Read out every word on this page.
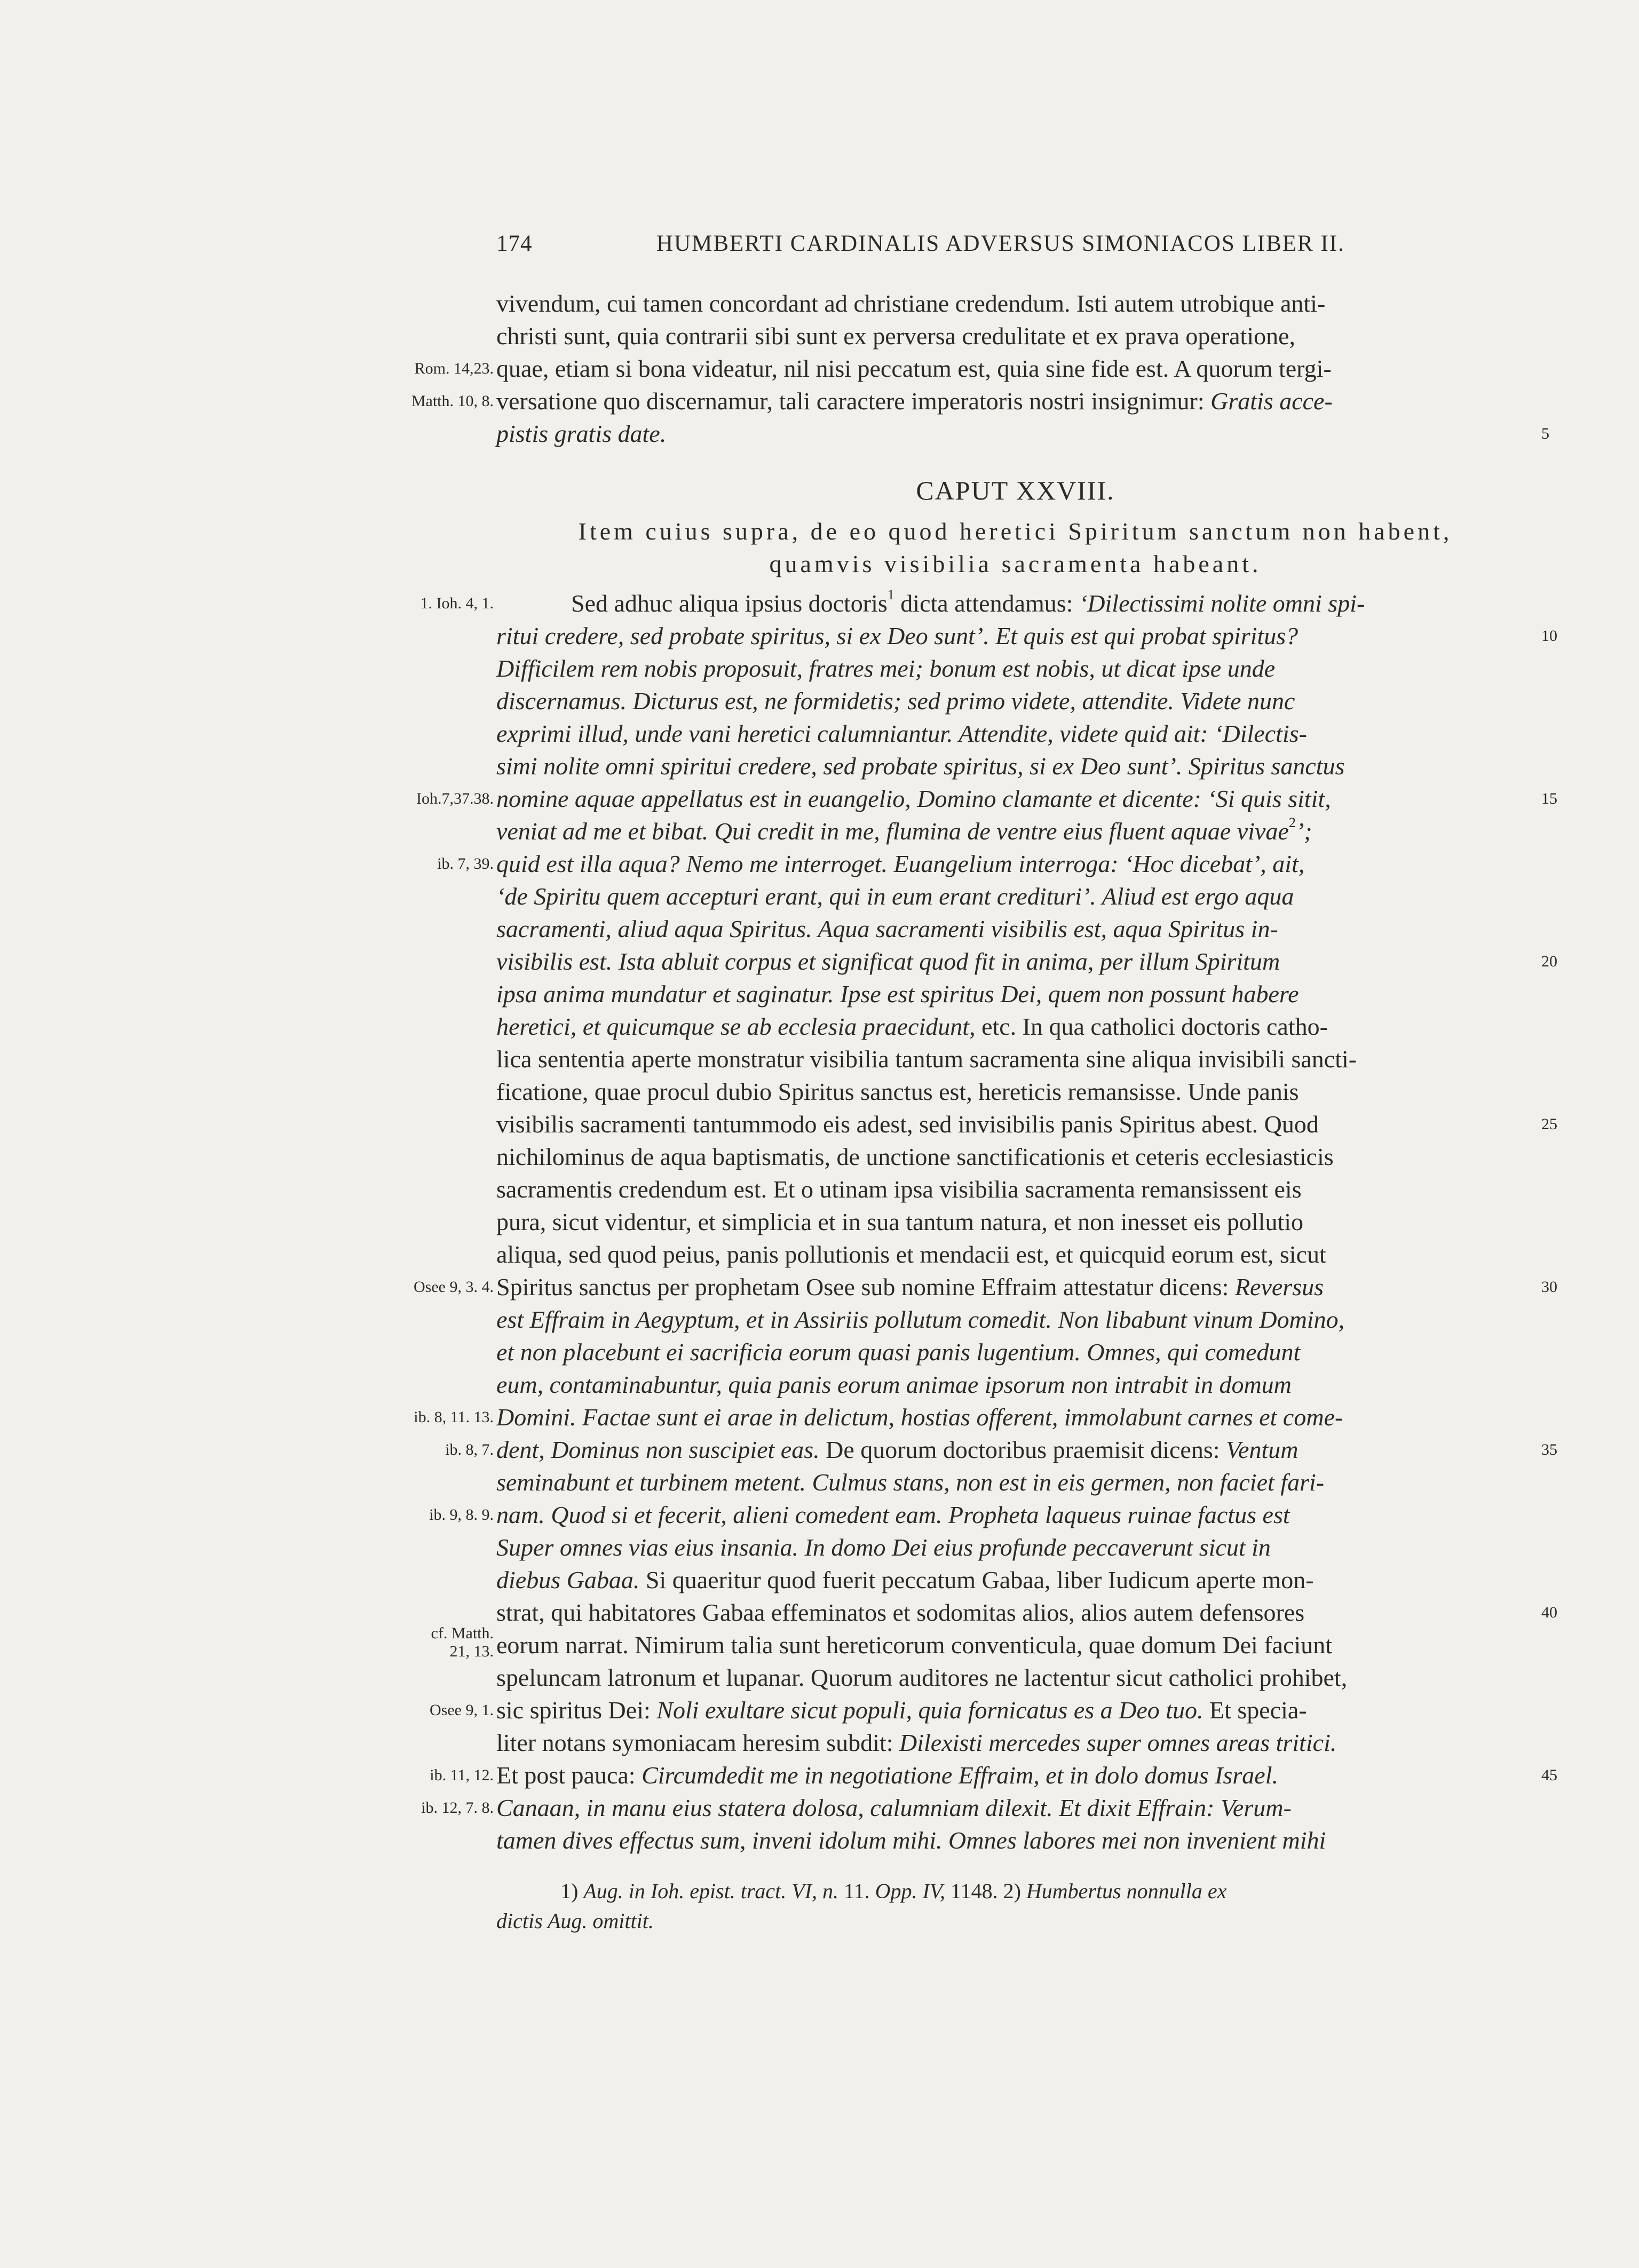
174	HUMBERTI CARDINALIS ADVERSUS SIMONIACOS LIBER II.
CAPUT XXVIII.
Item cuius supra, de eo quod heretici Spiritum sanctum non habent,
quamvis visibilia sacramenta habeant.
vivendum, cui tamen concordant ad christiane credendum. Isti autem utrobique anti-
christi sunt, quia contrarii sibi sunt ex perversa credulitate et ex prava operatione,
quae, etiam si bona videatur, nil nisi peccatum est, quia sine fide est. A quorum tergi-
Rom. 14,23.
versatione quo discernamur, tali caractere imperatoris nostri insignimur: Gratis acce-
Matth. 10, 8.
pistis gratis date.	5
Sed adhuc aliqua ipsius doctoris$^1$ dicta attendamus: ‘Dilectissimi nolite omni spi-
1. Ioh. 4, 1.
ritui credere, sed probate spiritus, si ex Deo sunt’. Et quis est qui probat spiritus?	10
Difficilem rem nobis proposuit, fratres mei; bonum est nobis, ut dicat ipse unde
discernamus. Dicturus est, ne formidetis; sed primo videte, attendite. Videte nunc
exprimi illud, unde vani heretici calumniantur. Attendite, videte quid ait: ‘Dilectis-
simi nolite omni spiritui credere, sed probate spiritus, si ex Deo sunt’. Spiritus sanctus
nomine aquae appellatus est in euangelio, Domino clamante et dicente: ‘Si quis sitit,
Ioh.7,37.38.	15
veniat ad me et bibat. Qui credit in me, flumina de ventre eius fluent aquae vivae$^2$’;
quid est illa aqua? Nemo me interroget. Euangelium interroga: ‘Hoc dicebat’, ait,
ib. 7, 39.
‘de Spiritu quem accepturi erant, qui in eum erant credituri’. Aliud est ergo aqua
sacramenti, aliud aqua Spiritus. Aqua sacramenti visibilis est, aqua Spiritus in-
visibilis est. Ista abluit corpus et significat quod fit in anima, per illum Spiritum	20
ipsa anima mundatur et saginatur. Ipse est spiritus Dei, quem non possunt habere
heretici, et quicumque se ab ecclesia praecidunt, etc. In qua catholici doctoris catho-
lica sententia aperte monstratur visibilia tantum sacramenta sine aliqua invisibili sancti-
ficatione, quae procul dubio Spiritus sanctus est, hereticis remansisse. Unde panis
visibilis sacramenti tantummodo eis adest, sed invisibilis panis Spiritus abest. Quod	25
nichilominus de aqua baptismatis, de unctione sanctificationis et ceteris ecclesiasticis
sacramentis credendum est. Et o utinam ipsa visibilia sacramenta remansissent eis
pura, sicut videntur, et simplicia et in sua tantum natura, et non inesset eis pollutio
aliqua, sed quod peius, panis pollutionis et mendacii est, et quicquid eorum est, sicut
Spiritus sanctus per prophetam Osee sub nomine Effraim attestatur dicens: Reversus
Osee 9, 3. 4.	30
est Effraim in Aegyptum, et in Assiriis pollutum comedit. Non libabunt vinum Domino,
et non placebunt ei sacrificia eorum quasi panis lugentium. Omnes, qui comedunt
eum, contaminabuntur, quia panis eorum animae ipsorum non intrabit in domum
Domini. Factae sunt ei arae in delictum, hostias offerent, immolabunt carnes et come-
ib. 8, 11. 13.
dent, Dominus non suscipiet eas. De quorum doctoribus praemisit dicens: Ventum
ib. 8, 7.	35
seminabunt et turbinem metent. Culmus stans, non est in eis germen, non faciet fari-
nam. Quod si et fecerit, alieni comedent eam. Propheta laqueus ruinae factus est
ib. 9, 8. 9.
Super omnes vias eius insania. In domo Dei eius profunde peccaverunt sicut in
diebus Gabaa. Si quaeritur quod fuerit peccatum Gabaa, liber Iudicum aperte mon-
strat, qui habitatores Gabaa effeminatos et sodomitas alios, alios autem defensores	40
eorum narrat. Nimirum talia sunt hereticorum conventicula, quae domum Dei faciunt
cf. Matth.
21, 13.
speluncam latronum et lupanar. Quorum auditores ne lactentur sicut catholici prohibet,
sic spiritus Dei: Noli exultare sicut populi, quia fornicatus es a Deo tuo. Et specia-
Osee 9, 1.
liter notans symoniacam heresim subdit: Dilexisti mercedes super omnes areas tritici.
Et post pauca: Circumdedit me in negotiatione Effraim, et in dolo domus Israel.
ib. 11, 12.	45
Canaan, in manu eius statera dolosa, calumniam dilexit. Et dixit Effrain: Verum-
ib. 12, 7. 8.
tamen dives effectus sum, inveni idolum mihi. Omnes labores mei non invenient mihi
1) Aug. in Ioh. epist. tract. VI, n. 11. Opp. IV, 1148. 2) Humbertus nonnulla ex
dictis Aug. omittit.
